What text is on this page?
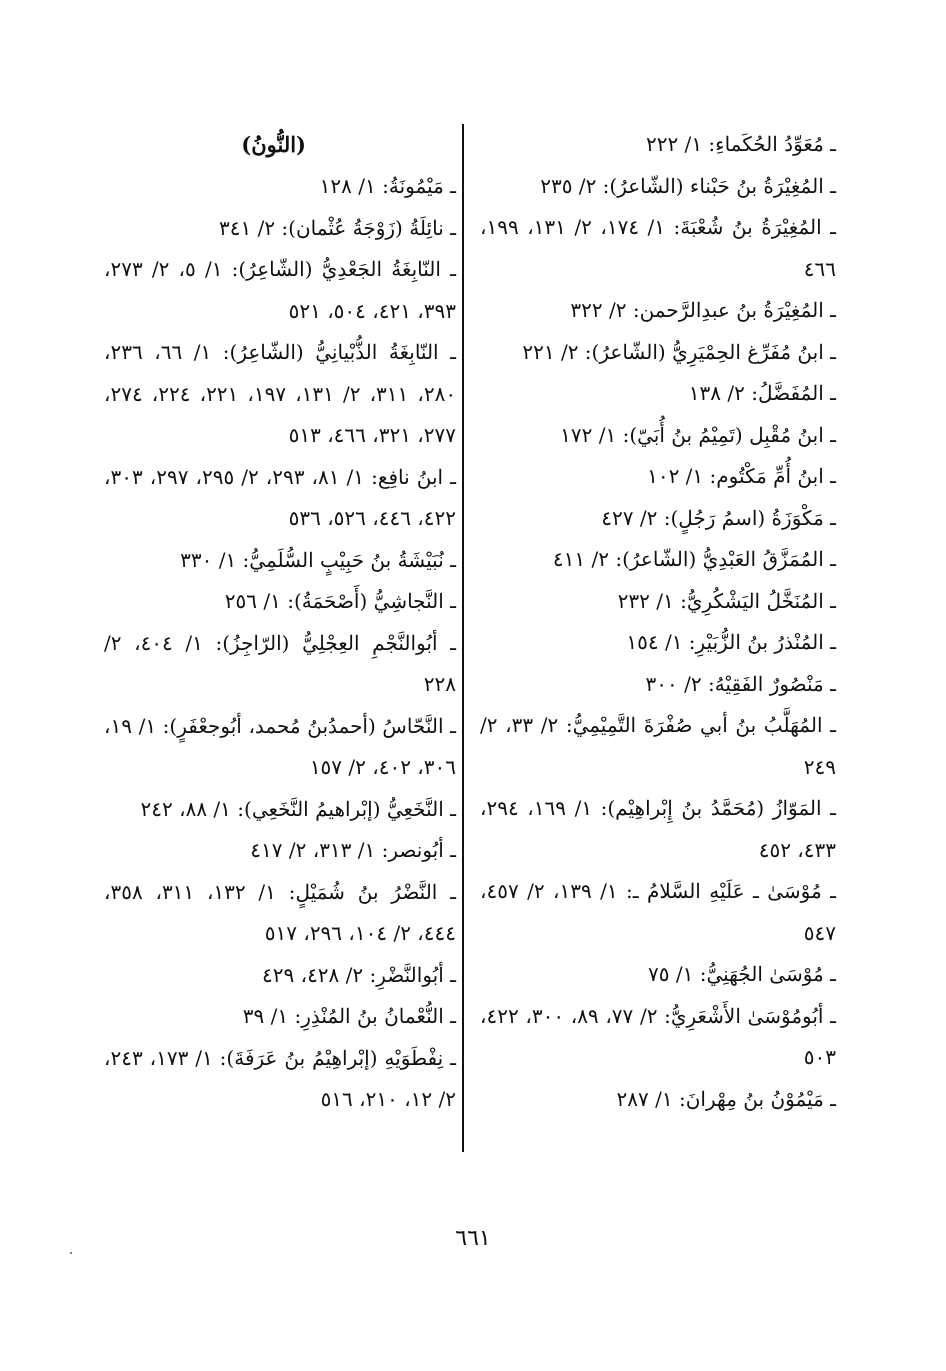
ـ مُعَوِّدُ الحُكَماءِ: ١/ ٢٢٢
ـ المُغِيْرَةُ بنُ حَبْناء (الشّاعرُ): ٢/ ٢٣٥
ـ المُغِيْرَةُ بنُ شُعْبَةَ: ١/ ١٧٤، ٢/ ١٣١، ١٩٩، ٤٦٦
ـ المُغِيْرَةُ بنُ عبدِالرَّحمن: ٢/ ٣٢٢
ـ ابنُ مُفَرِّغ الحِمْيَرِيُّ (الشّاعرُ): ٢/ ٢٢١
ـ المُفَضَّلُ: ٢/ ١٣٨
ـ ابنُ مُقْبِل (تَمِيْمُ بنُ أُبَيّ): ١/ ١٧٢
ـ ابنُ أُمِّ مَكْتُوم: ١/ ١٠٢
ـ مَكْوَزَةُ (اسمُ رَجُلٍ): ٢/ ٤٢٧
ـ المُمَزَّقُ العَبْدِيُّ (الشّاعرُ): ٢/ ٤١١
ـ المُنَخَّلُ اليَشْكُرِيُّ: ١/ ٢٣٢
ـ المُنْذرُ بنُ الزُّبَيْرِ: ١/ ١٥٤
ـ مَنْصُورٌ الفَقِيْهُ: ٢/ ٣٠٠
ـ المُهَلَّبُ بنُ أبي صُفْرَةَ التَّمِيْمِيُّ: ٢/ ٣٣، ٢/ ٢٤٩
ـ المَوّازُ (مُحَمَّدُ بنُ إِبْراهِيْم): ١/ ١٦٩، ٢٩٤، ٤٣٣، ٤٥٢
ـ مُوْسَىٰ ـ عَلَيْهِ السَّلامُ ـ: ١/ ١٣٩، ٢/ ٤٥٧، ٥٤٧
ـ مُوْسَىٰ الجُهَنِيُّ: ١/ ٧٥
ـ أبُومُوْسَىٰ الأَشْعَرِيُّ: ٢/ ٧٧، ٨٩، ٣٠٠، ٤٢٢، ٥٠٣
ـ مَيْمُوْنُ بنُ مِهْرانَ: ١/ ٢٨٧
(النُّونُ)
ـ مَيْمُونَةُ: ١/ ١٢٨
ـ نائِلَةُ (زَوْجَةُ عُثْمان): ٢/ ٣٤١
ـ النّابِغَةُ الجَعْدِيُّ (الشّاعِرُ): ١/ ٥، ٢/ ٢٧٣، ٣٩٣، ٤٢١، ٥٠٤، ٥٢١
ـ النّابِغَةُ الذُّبْيانِيُّ (الشّاعِرُ): ١/ ٦٦، ٢٣٦، ٢٨٠، ٣١١، ٢/ ١٣١، ١٩٧، ٢٢١، ٢٢٤، ٢٧٤، ٢٧٧، ٣٢١، ٤٦٦، ٥١٣
ـ ابنُ نافِع: ١/ ٨١، ٢٩٣، ٢/ ٢٩٥، ٢٩٧، ٣٠٣، ٤٢٢، ٤٤٦، ٥٢٦، ٥٣٦
ـ نُبَيْشَةُ بنُ حَبِيْبٍ السُّلَمِيُّ: ١/ ٣٣٠
ـ النَّجاشِيُّ (أَصْحَمَةُ): ١/ ٢٥٦
ـ أبُوالنَّجْمِ العِجْلِيُّ (الرّاجِزُ): ١/ ٤٠٤، ٢/ ٢٢٨
ـ النَّحّاسُ (أحمدُبنُ مُحمد، أبُوجعْفَرٍ): ١/ ١٩، ٣٠٦، ٤٠٢، ٢/ ١٥٧
ـ النَّخَعِيُّ (إبْراهيمُ النَّخَعِي): ١/ ٨٨، ٢٤٢
ـ أبُونصر: ١/ ٣١٣، ٢/ ٤١٧
ـ النَّضْرُ بنُ شُمَيْلٍ: ١/ ١٣٢، ٣١١، ٣٥٨، ٤٤٤، ٢/ ١٠٤، ٢٩٦، ٥١٧
ـ أبُوالنَّضْرِ: ٢/ ٤٢٨، ٤٢٩
ـ النُّعْمانُ بنُ المُنْذِرِ: ١/ ٣٩
ـ نِفْطَوَيْهِ (إبْراهِيْمُ بنُ عَرَفَةَ): ١/ ١٧٣، ٢٤٣، ٢/ ١٢، ٢١٠، ٥١٦
٦٦١
